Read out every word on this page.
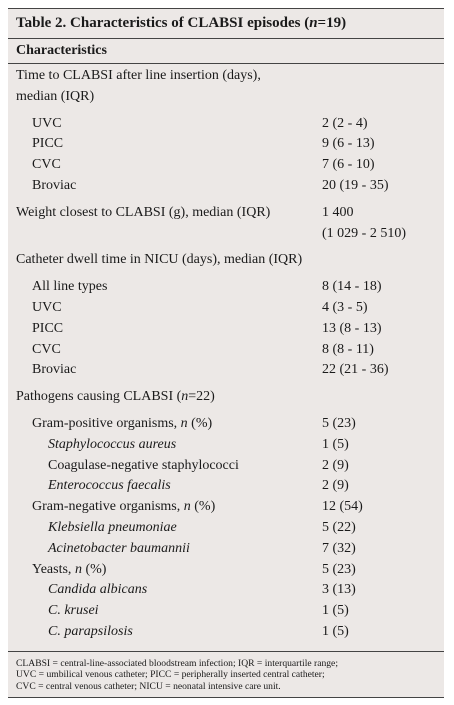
Table 2. Characteristics of CLABSI episodes ( n =19)
Characteristics
Time to CLABSI after line insertion (days),
median (IQR)
UVC	2 (2 - 4)
PICC	9 (6 - 13)
CVC	7 (6 - 10)
Broviac	20 (19 - 35)
Weight closest to CLABSI (g), median (IQR)	1 400
(1 029 - 2 510)
Catheter dwell time in NICU (days), median (IQR)
All line types	8 (14 - 18)
UVC	4 (3 - 5)
PICC	13 (8 - 13)
CVC	8 (8 - 11)
Broviac	22 (21 - 36)
Pathogens causing CLABSI (n=22)
Gram-positive organisms, n (%)	5 (23)
Staphylococcus aureus	1 (5)
Coagulase-negative staphylococci	2 (9)
Enterococcus faecalis	2 (9)
Gram-negative organisms, n (%)	12 (54)
Klebsiella pneumoniae	5 (22)
Acinetobacter baumannii	7 (32)
Yeasts, n (%)	5 (23)
Candida albicans	3 (13)
C. krusei	1 (5)
C. parapsilosis	1 (5)
CLABSI = central-line-associated bloodstream infection; IQR = interquartile range;
UVC = umbilical venous catheter; PICC = peripherally inserted central catheter;
CVC = central venous catheter; NICU = neonatal intensive care unit.
